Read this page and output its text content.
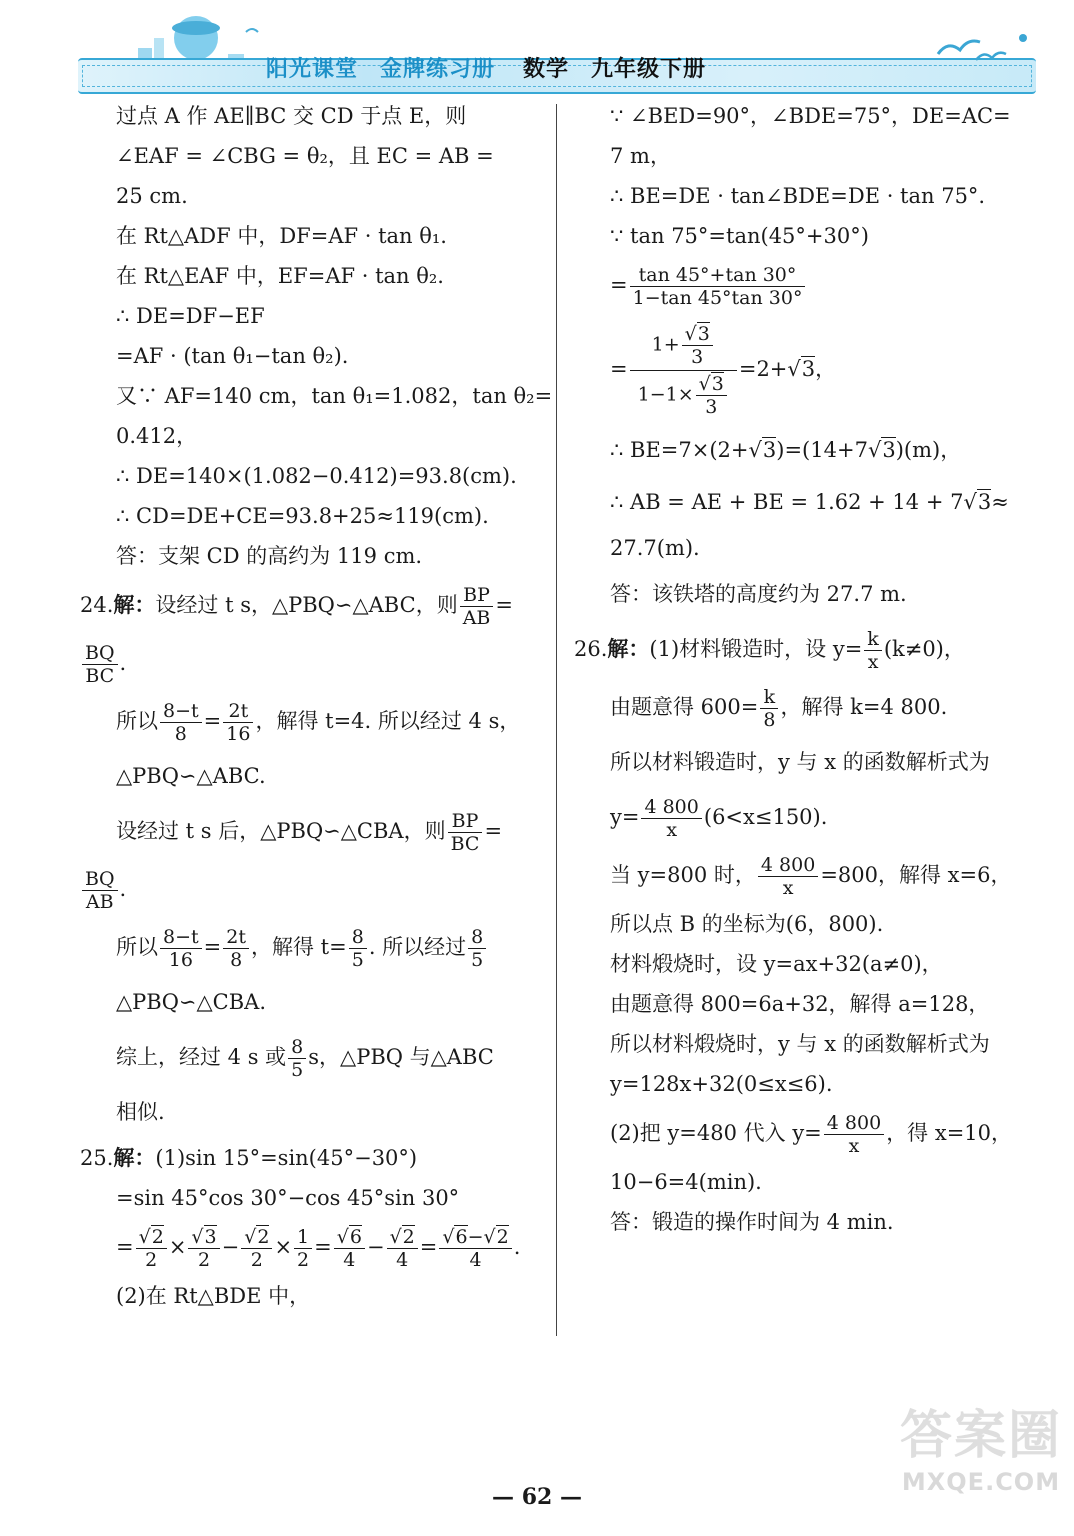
阳光课堂 金牌练习册 数学 九年级下册
过点 A 作 AE∥BC 交 CD 于点 E，则
∠EAF = ∠CBG = θ₂，且 EC = AB =
25 cm.
在 Rt△ADF 中，DF=AF · tan θ₁.
在 Rt△EAF 中，EF=AF · tan θ₂.
∴ DE=DF−EF
=AF · (tan θ₁−tan θ₂).
又∵ AF=140 cm，tan θ₁=1.082，tan θ₂=
0.412，
∴ DE=140×(1.082−0.412)=93.8(cm).
∴ CD=DE+CE=93.8+25≈119(cm).
答：支架 CD 的高约为 119 cm.
24.解：设经过 t s，△PBQ∽△ABC，则 $\frac{BP}{AB}$ =
$\frac{BQ}{BC}$ .
所以 $\frac{8-t}{8} = \frac{2t}{16}$ ，解得 t=4. 所以经过 4 s，
△PBQ∽△ABC.
设经过 t s 后，△PBQ∽△CBA，则 $\frac{BP}{BC}$ =
$\frac{BQ}{AB}$ .
所以 $\frac{8-t}{16} = \frac{2t}{8}$ ，解得 $t= \frac{8}{5}$ . 所以经过 $\frac{8}{5}$
△PBQ∽△CBA.
综上，经过 4 s 或 $\frac{8}{5}$ s，△PBQ 与△ABC
相似.
25.解：(1)sin 15°=sin(45°−30°)
=sin 45°cos 30°−cos 45°sin 30°
= $\frac{√2}{2} \times \frac{√3}{2} - \frac{√2}{2} \times \frac{1}{2} = \frac{√6}{4} - \frac{√2}{4} = \frac{√6-√2}{4}$ .
(2)在 Rt△BDE 中，
∵ ∠BED=90°，∠BDE=75°，DE=AC=
7 m，
∴ BE=DE · tan∠BDE=DE · tan 75°.
∵ tan 75°=tan(45°+30°)
= $\frac{\tan 45^\circ+\tan 30^\circ}{1-\tan 45^\circ\tan 30^\circ}$
= $\frac{1+ \frac{√3}{3}}{1-1\times \frac{√3}{3}} =2+√3$，
∴ BE=7×(2+√3)=(14+7√3)(m)，
∴ AB = AE + BE = 1.62 + 14 + 7√3≈
27.7(m).
答：该铁塔的高度约为 27.7 m.
26.解：(1)材料锻造时，设 $y= \frac{k}{x} (k\ne 0)$，
由题意得 $600= \frac{k}{8}$ ，解得 k=4 800.
所以材料锻造时，y 与 x 的函数解析式为
$y= \frac{4 800}{x} (6<x\le 150)$.
当 y=800 时， $\frac{4 800}{x} =800$，解得 x=6，
所以点 B 的坐标为(6，800).
材料煅烧时，设 y=ax+32(a≠0)，
由题意得 800=6a+32，解得 a=128，
所以材料煅烧时，y 与 x 的函数解析式为
y=128x+32(0≤x≤6).
(2)把 y=480 代入 $y= \frac{4 800}{x}$ ，得 x=10，
10−6=4(min).
答：锻造的操作时间为 4 min.
— 62 —
答案圈
MXQE.COM
